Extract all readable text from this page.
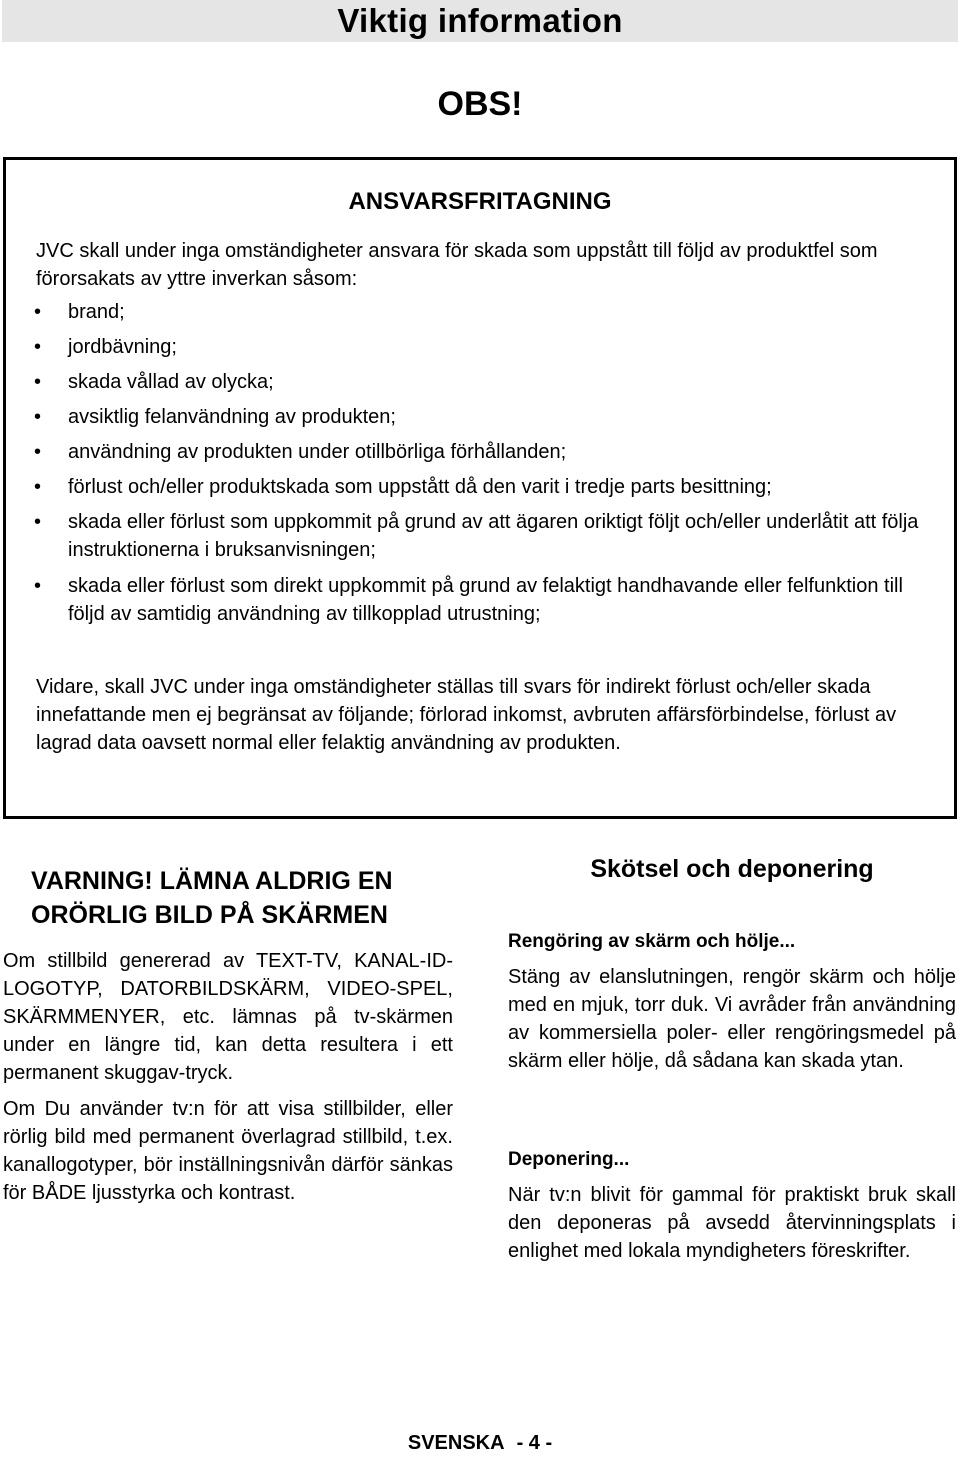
Viktig information
OBS!
ANSVARSFRITAGNING
JVC skall under inga omständigheter ansvara för skada som uppstått till följd av produktfel som förorsakats av yttre inverkan såsom:
•	brand;
•	jordbävning;
•	skada vållad av olycka;
•	avsiktlig felanvändning av produkten;
•	användning av produkten under otillbörliga förhållanden;
•	förlust och/eller produktskada som uppstått då den varit i tredje parts besittning;
•	skada eller förlust som uppkommit på grund av att ägaren oriktigt följt och/eller underlåtit att följa instruktionerna i bruksanvisningen;
•	skada eller förlust som direkt uppkommit på grund av felaktigt handhavande eller felfunktion till följd av samtidig användning av tillkopplad utrustning;
Vidare, skall JVC under inga omständigheter ställas till svars för indirekt förlust och/eller skada innefattande men ej begränsat av följande; förlorad inkomst, avbruten affärsförbindelse, förlust av lagrad data oavsett normal eller felaktig användning av produkten.
VARNING! LÄMNA ALDRIG EN ORÖRLIG BILD PÅ SKÄRMEN

Om stillbild genererad av TEXT-TV, KANAL-ID-LOGOTYP, DATORBILDSKÄRM, VIDEO-SPEL, SKÄRMMENYER, etc. lämnas på tv-skärmen under en längre tid, kan detta resultera i ett permanent skuggav-tryck.

Om Du använder tv:n för att visa stillbilder, eller rörlig bild med permanent överlagrad stillbild, t.ex. kanallogotyper, bör inställningsnivån därför sänkas för BÅDE ljusstyrka och kontrast.

Skötsel och deponering
Rengöring av skärm och hölje...

Stäng av elanslutningen, rengör skärm och hölje med en mjuk, torr duk. Vi avråder från användning av kommersiella poler- eller rengöringsmedel på skärm eller hölje, då sådana kan skada ytan.

Deponering...

När tv:n blivit för gammal för praktiskt bruk skall den deponeras på avsedd återvinningsplats i enlighet med lokala myndigheters föreskrifter.

SVENSKA - 4 -
